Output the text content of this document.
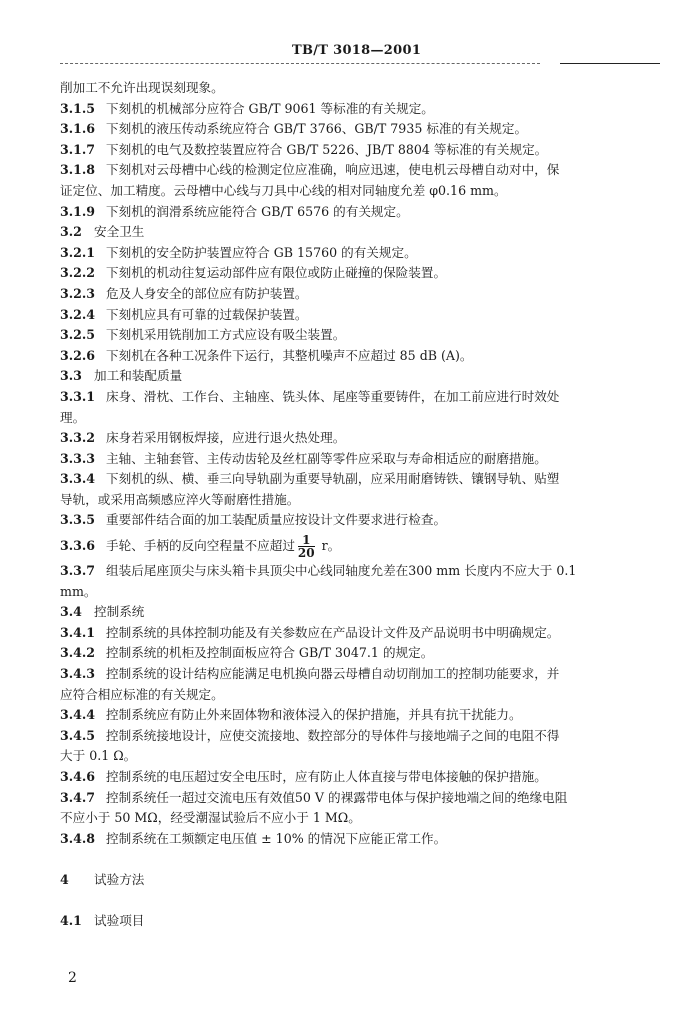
TB/T 3018—2001
削加工不允许出现误刻现象。
3.1.5 下刻机的机械部分应符合 GB/T 9061 等标准的有关规定。
3.1.6 下刻机的液压传动系统应符合 GB/T 3766、GB/T 7935 标准的有关规定。
3.1.7 下刻机的电气及数控装置应符合 GB/T 5226、JB/T 8804 等标准的有关规定。
3.1.8 下刻机对云母槽中心线的检测定位应准确，响应迅速，使电机云母槽自动对中，保
证定位、加工精度。云母槽中心线与刀具中心线的相对同轴度允差 φ0.16 mm。
3.1.9 下刻机的润滑系统应能符合 GB/T 6576 的有关规定。
3.2 安全卫生
3.2.1 下刻机的安全防护装置应符合 GB 15760 的有关规定。
3.2.2 下刻机的机动往复运动部件应有限位或防止碰撞的保险装置。
3.2.3 危及人身安全的部位应有防护装置。
3.2.4 下刻机应具有可靠的过载保护装置。
3.2.5 下刻机采用铣削加工方式应设有吸尘装置。
3.2.6 下刻机在各种工况条件下运行，其整机噪声不应超过 85 dB (A)。
3.3 加工和装配质量
3.3.1 床身、滑枕、工作台、主轴座、铣头体、尾座等重要铸件，在加工前应进行时效处
理。
3.3.2 床身若采用钢板焊接，应进行退火热处理。
3.3.3 主轴、主轴套管、主传动齿轮及丝杠副等零件应采取与寿命相适应的耐磨措施。
3.3.4 下刻机的纵、横、垂三向导轨副为重要导轨副，应采用耐磨铸铁、镶钢导轨、贴塑
导轨，或采用高频感应淬火等耐磨性措施。
3.3.5 重要部件结合面的加工装配质量应按设计文件要求进行检查。
3.3.6 手轮、手柄的反向空程量不应超过 $\frac{1}{20}$ r。
3.3.7 组装后尾座顶尖与床头箱卡具顶尖中心线同轴度允差在300 mm 长度内不应大于 0.1
mm。
3.4 控制系统
3.4.1 控制系统的具体控制功能及有关参数应在产品设计文件及产品说明书中明确规定。
3.4.2 控制系统的机柜及控制面板应符合 GB/T 3047.1 的规定。
3.4.3 控制系统的设计结构应能满足电机换向器云母槽自动切削加工的控制功能要求，并
应符合相应标准的有关规定。
3.4.4 控制系统应有防止外来固体物和液体浸入的保护措施，并具有抗干扰能力。
3.4.5 控制系统接地设计，应使交流接地、数控部分的导体件与接地端子之间的电阻不得
大于 0.1 Ω。
3.4.6 控制系统的电压超过安全电压时，应有防止人体直接与带电体接触的保护措施。
3.4.7 控制系统任一超过交流电压有效值50 V 的裸露带电体与保护接地端之间的绝缘电阻
不应小于 50 MΩ，经受潮湿试验后不应小于 1 MΩ。
3.4.8 控制系统在工频额定电压值 ± 10% 的情况下应能正常工作。
4 试验方法
4.1 试验项目
2
